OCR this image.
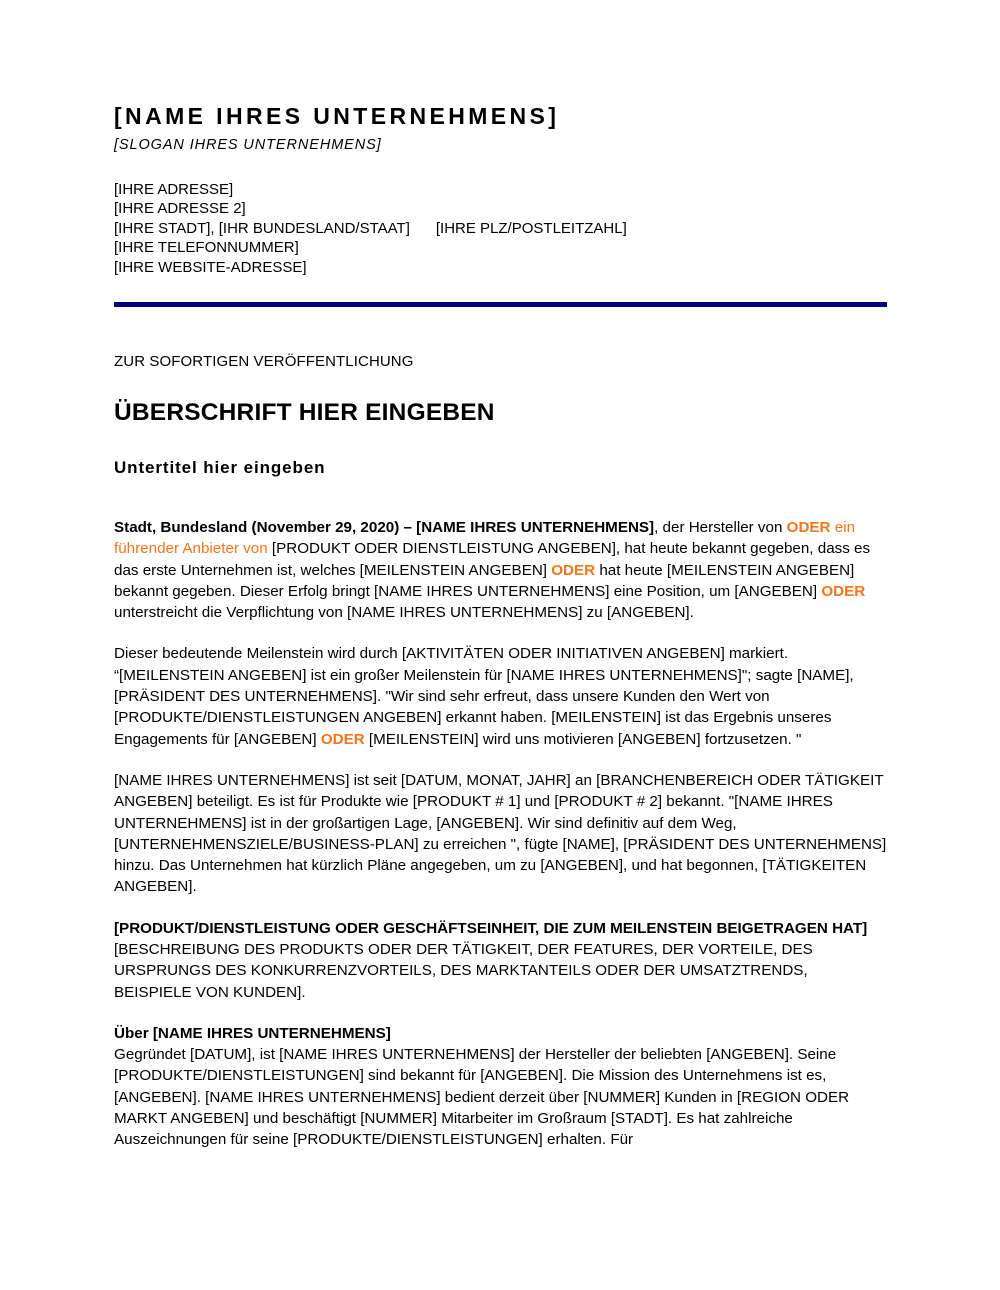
[NAME IHRES UNTERNEHMENS]
[SLOGAN IHRES UNTERNEHMENS]
[IHRE ADRESSE]
[IHRE ADRESSE 2]
[IHRE STADT], [IHR BUNDESLAND/STAAT] [IHRE PLZ/POSTLEITZAHL]
[IHRE TELEFONNUMMER]
[IHRE WEBSITE-ADRESSE]
ZUR SOFORTIGEN VERÖFFENTLICHUNG
ÜBERSCHRIFT HIER EINGEBEN
Untertitel hier eingeben

Stadt, Bundesland (November 29, 2020) – [NAME IHRES UNTERNEHMENS], der Hersteller von ODER ein führender Anbieter von [PRODUKT ODER DIENSTLEISTUNG ANGEBEN], hat heute bekannt gegeben, dass es das erste Unternehmen ist, welches [MEILENSTEIN ANGEBEN] ODER hat heute [MEILENSTEIN ANGEBEN] bekannt gegeben. Dieser Erfolg bringt [NAME IHRES UNTERNEHMENS] eine Position, um [ANGEBEN] ODER unterstreicht die Verpflichtung von [NAME IHRES UNTERNEHMENS] zu [ANGEBEN].

Dieser bedeutende Meilenstein wird durch [AKTIVITÄTEN ODER INITIATIVEN ANGEBEN] markiert. “[MEILENSTEIN ANGEBEN] ist ein großer Meilenstein für [NAME IHRES UNTERNEHMENS]"; sagte [NAME], [PRÄSIDENT DES UNTERNEHMENS]. "Wir sind sehr erfreut, dass unsere Kunden den Wert von [PRODUKTE/DIENSTLEISTUNGEN ANGEBEN] erkannt haben. [MEILENSTEIN] ist das Ergebnis unseres Engagements für [ANGEBEN] ODER [MEILENSTEIN] wird uns motivieren [ANGEBEN] fortzusetzen. "

[NAME IHRES UNTERNEHMENS] ist seit [DATUM, MONAT, JAHR] an [BRANCHENBEREICH ODER TÄTIGKEIT ANGEBEN] beteiligt. Es ist für Produkte wie [PRODUKT # 1] und [PRODUKT # 2] bekannt. "[NAME IHRES UNTERNEHMENS] ist in der großartigen Lage, [ANGEBEN]. Wir sind definitiv auf dem Weg, [UNTERNEHMENSZIELE/BUSINESS-PLAN] zu erreichen ", fügte [NAME], [PRÄSIDENT DES UNTERNEHMENS] hinzu. Das Unternehmen hat kürzlich Pläne angegeben, um zu [ANGEBEN], und hat begonnen, [TÄTIGKEITEN ANGEBEN].

[PRODUKT/DIENSTLEISTUNG ODER GESCHÄFTSEINHEIT, DIE ZUM MEILENSTEIN BEIGETRAGEN HAT]
[BESCHREIBUNG DES PRODUKTS ODER DER TÄTIGKEIT, DER FEATURES, DER VORTEILE, DES URSPRUNGS DES KONKURRENZVORTEILS, DES MARKTANTEILS ODER DER UMSATZTRENDS, BEISPIELE VON KUNDEN].

Über [NAME IHRES UNTERNEHMENS]
Gegründet [DATUM], ist [NAME IHRES UNTERNEHMENS] der Hersteller der beliebten [ANGEBEN]. Seine [PRODUKTE/DIENSTLEISTUNGEN] sind bekannt für [ANGEBEN]. Die Mission des Unternehmens ist es, [ANGEBEN]. [NAME IHRES UNTERNEHMENS] bedient derzeit über [NUMMER] Kunden in [REGION ODER MARKT ANGEBEN] und beschäftigt [NUMMER] Mitarbeiter im Großraum [STADT]. Es hat zahlreiche Auszeichnungen für seine [PRODUKTE/DIENSTLEISTUNGEN] erhalten. Für
